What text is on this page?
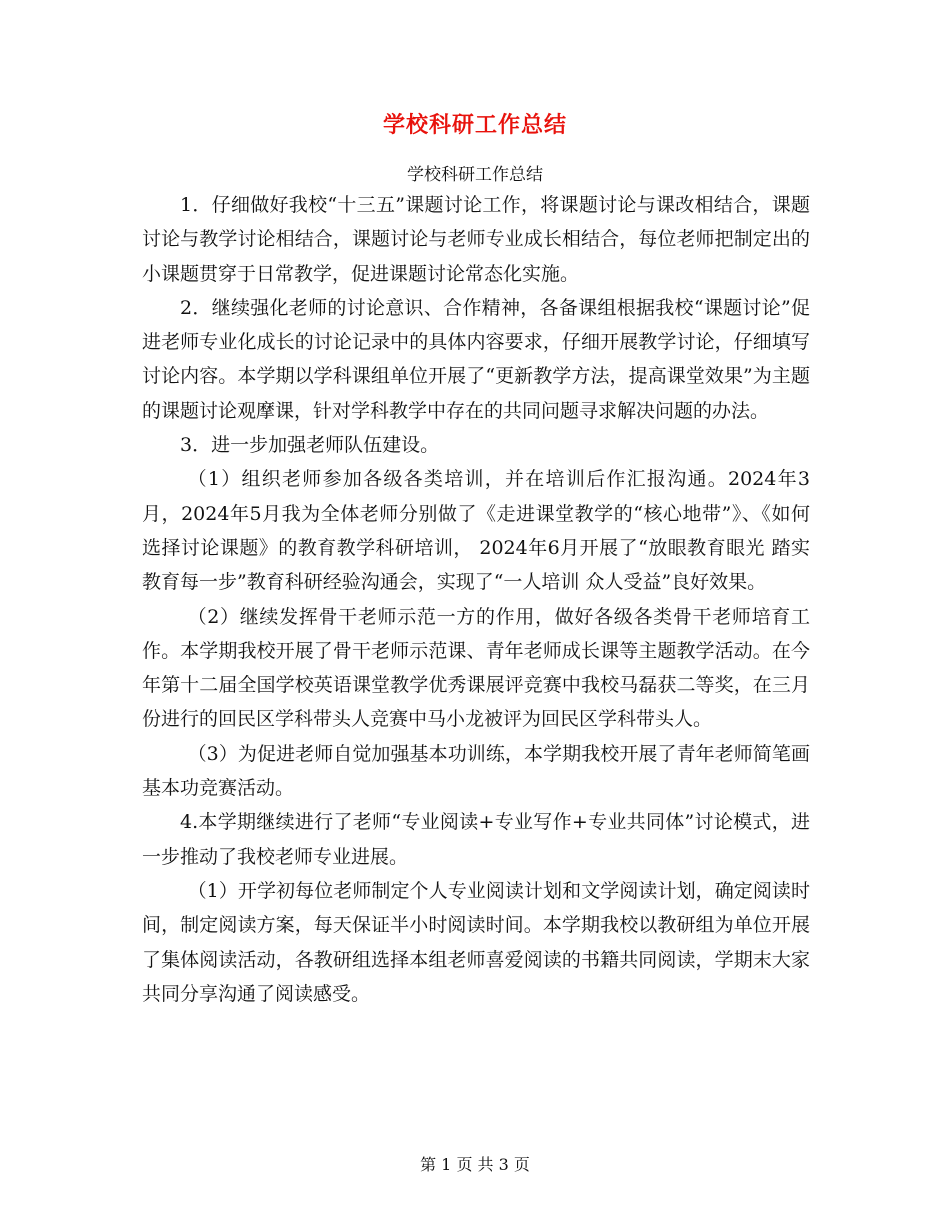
学校科研工作总结
学校科研工作总结

1．仔细做好我校“十三五”课题讨论工作，将课题讨论与课改相结合，课题讨论与教学讨论相结合，课题讨论与老师专业成长相结合，每位老师把制定出的小课题贯穿于日常教学，促进课题讨论常态化实施。

2．继续强化老师的讨论意识、合作精神，各备课组根据我校“课题讨论”促进老师专业化成长的讨论记录中的具体内容要求，仔细开展教学讨论，仔细填写讨论内容。本学期以学科课组单位开展了“更新教学方法，提高课堂效果”为主题的课题讨论观摩课，针对学科教学中存在的共同问题寻求解决问题的办法。

3．进一步加强老师队伍建设。

（1）组织老师参加各级各类培训，并在培训后作汇报沟通。2024年3月，2024年5月我为全体老师分别做了《走进课堂教学的“核心地带”》、《如何选择讨论课题》的教育教学科研培训， 2024年6月开展了“放眼教育眼光 踏实教育每一步”教育科研经验沟通会，实现了“一人培训 众人受益”良好效果。

（2）继续发挥骨干老师示范一方的作用，做好各级各类骨干老师培育工作。本学期我校开展了骨干老师示范课、青年老师成长课等主题教学活动。在今年第十二届全国学校英语课堂教学优秀课展评竞赛中我校马磊获二等奖，在三月份进行的回民区学科带头人竞赛中马小龙被评为回民区学科带头人。

（3）为促进老师自觉加强基本功训练，本学期我校开展了青年老师简笔画基本功竞赛活动。

4.本学期继续进行了老师“专业阅读+专业写作+专业共同体”讨论模式，进一步推动了我校老师专业进展。

（1）开学初每位老师制定个人专业阅读计划和文学阅读计划，确定阅读时间，制定阅读方案，每天保证半小时阅读时间。本学期我校以教研组为单位开展了集体阅读活动，各教研组选择本组老师喜爱阅读的书籍共同阅读，学期末大家共同分享沟通了阅读感受。

第 1 页 共 3 页
